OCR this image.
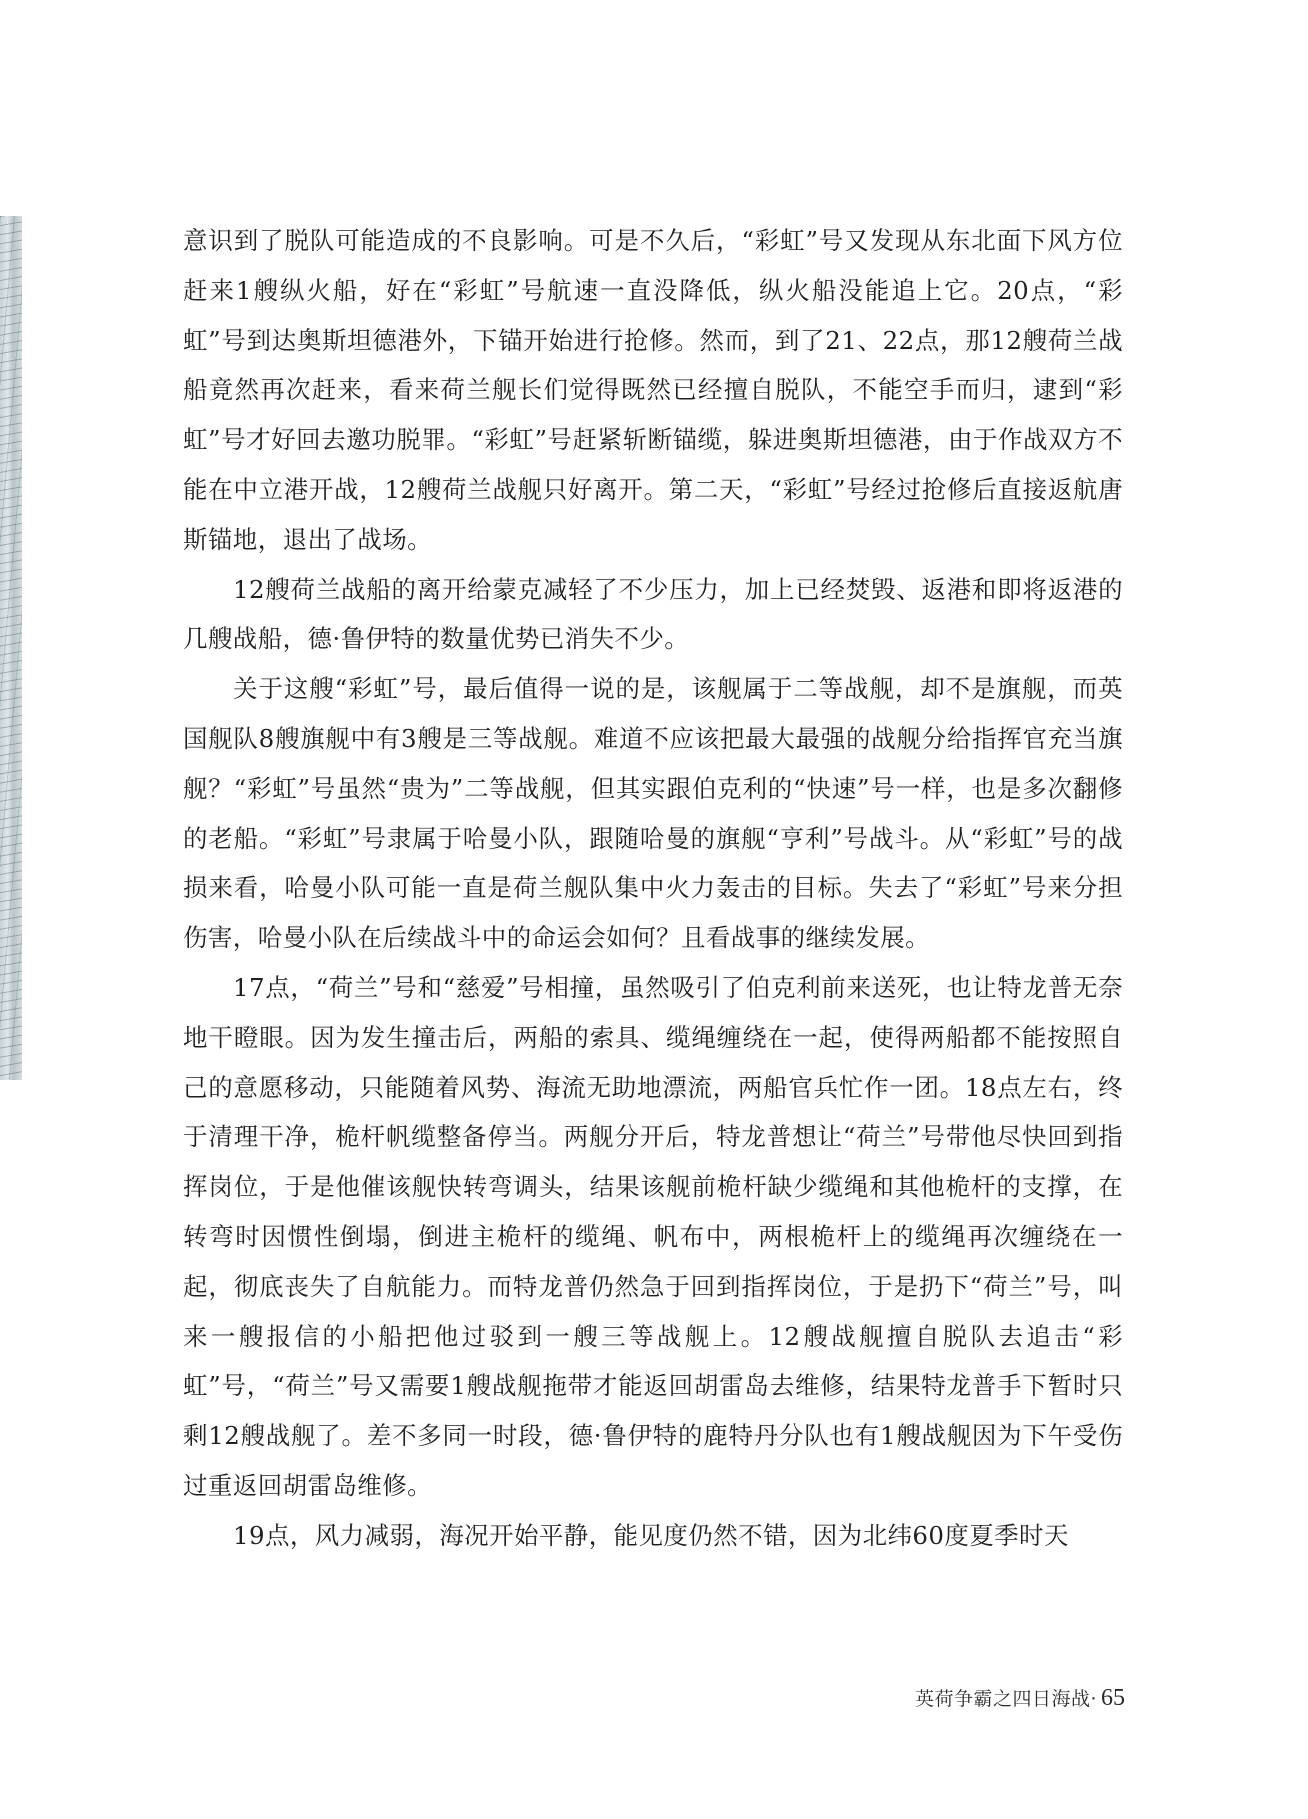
意识到了脱队可能造成的不良影响。可是不久后，“彩虹”号又发现从东北面下风方位赶来1艘纵火船，好在“彩虹”号航速一直没降低，纵火船没能追上它。20点，“彩虹”号到达奥斯坦德港外，下锚开始进行抢修。然而，到了21、22点，那12艘荷兰战船竟然再次赶来，看来荷兰舰长们觉得既然已经擅自脱队，不能空手而归，逮到“彩虹”号才好回去邀功脱罪。“彩虹”号赶紧斩断锚缆，躲进奥斯坦德港，由于作战双方不能在中立港开战，12艘荷兰战舰只好离开。第二天，“彩虹”号经过抢修后直接返航唐斯锚地，退出了战场。

12艘荷兰战船的离开给蒙克减轻了不少压力，加上已经焚毁、返港和即将返港的几艘战船，德·鲁伊特的数量优势已消失不少。

关于这艘“彩虹”号，最后值得一说的是，该舰属于二等战舰，却不是旗舰，而英国舰队8艘旗舰中有3艘是三等战舰。难道不应该把最大最强的战舰分给指挥官充当旗舰？“彩虹”号虽然“贵为”二等战舰，但其实跟伯克利的“快速”号一样，也是多次翻修的老船。“彩虹”号隶属于哈曼小队，跟随哈曼的旗舰“亨利”号战斗。从“彩虹”号的战损来看，哈曼小队可能一直是荷兰舰队集中火力轰击的目标。失去了“彩虹”号来分担伤害，哈曼小队在后续战斗中的命运会如何？且看战事的继续发展。

17点，“荷兰”号和“慈爱”号相撞，虽然吸引了伯克利前来送死，也让特龙普无奈地干瞪眼。因为发生撞击后，两船的索具、缆绳缠绕在一起，使得两船都不能按照自己的意愿移动，只能随着风势、海流无助地漂流，两船官兵忙作一团。18点左右，终于清理干净，桅杆帆缆整备停当。两舰分开后，特龙普想让“荷兰”号带他尽快回到指挥岗位，于是他催该舰快转弯调头，结果该舰前桅杆缺少缆绳和其他桅杆的支撑，在转弯时因惯性倒塌，倒进主桅杆的缆绳、帆布中，两根桅杆上的缆绳再次缠绕在一起，彻底丧失了自航能力。而特龙普仍然急于回到指挥岗位，于是扔下“荷兰”号，叫来一艘报信的小船把他过驳到一艘三等战舰上。12艘战舰擅自脱队去追击“彩虹”号，“荷兰”号又需要1艘战舰拖带才能返回胡雷岛去维修，结果特龙普手下暂时只剩12艘战舰了。差不多同一时段，德·鲁伊特的鹿特丹分队也有1艘战舰因为下午受伤过重返回胡雷岛维修。

19点，风力减弱，海况开始平静，能见度仍然不错，因为北纬60度夏季时天

英荷争霸之四日海战· 65
